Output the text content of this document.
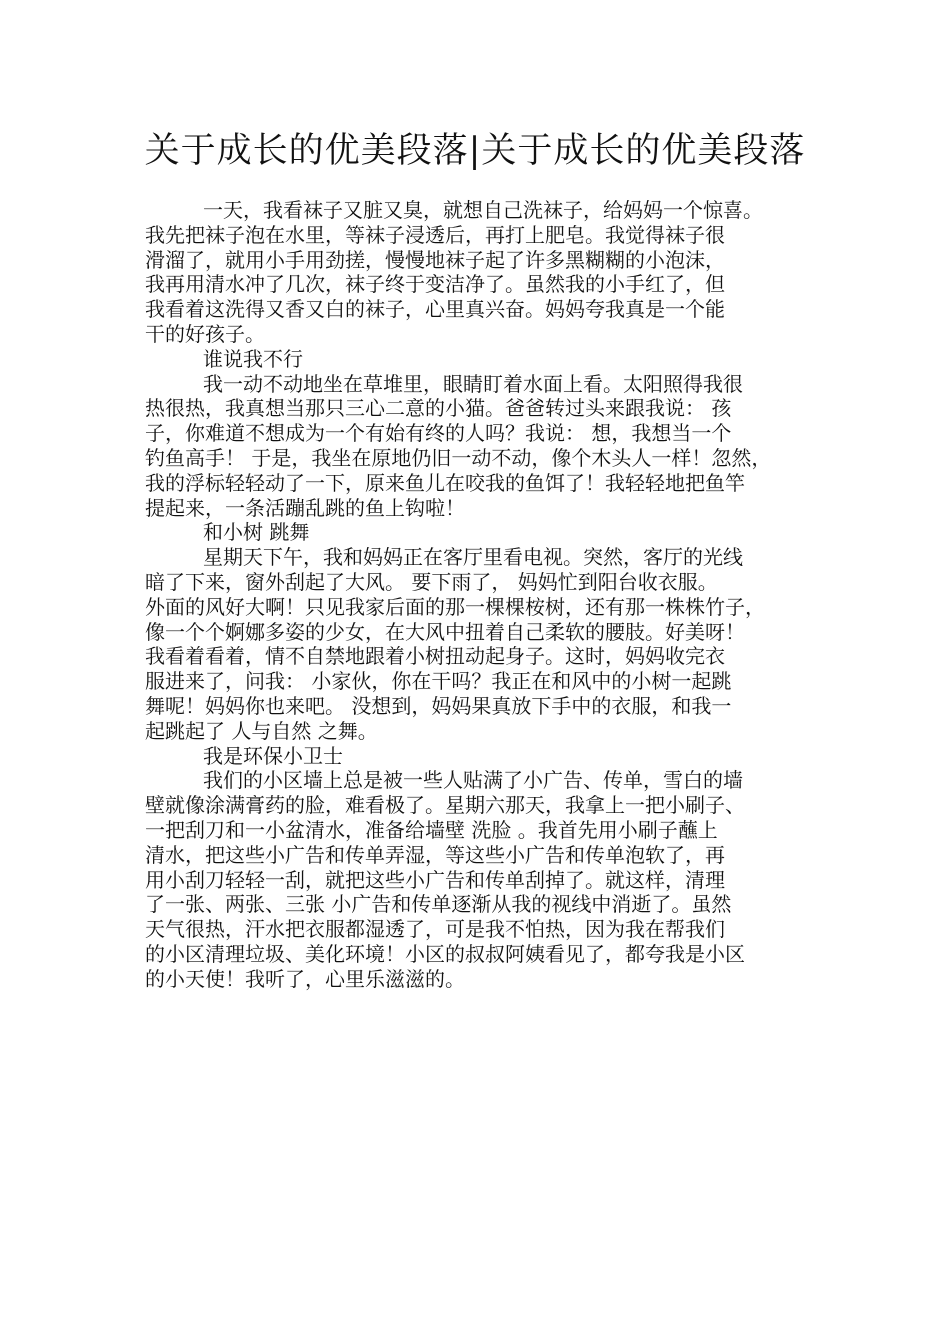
关于成长的优美段落|关于成长的优美段落
一天，我看袜子又脏又臭，就想自己洗袜子，给妈妈一个惊喜。
我先把袜子泡在水里，等袜子浸透后，再打上肥皂。我觉得袜子很
滑溜了，就用小手用劲搓，慢慢地袜子起了许多黑糊糊的小泡沫，
我再用清水冲了几次，袜子终于变洁净了。虽然我的小手红了，但
我看着这洗得又香又白的袜子，心里真兴奋。妈妈夸我真是一个能
干的好孩子。
谁说我不行
我一动不动地坐在草堆里，眼睛盯着水面上看。太阳照得我很
热很热，我真想当那只三心二意的小猫。爸爸转过头来跟我说： 孩
子，你难道不想成为一个有始有终的人吗？我说： 想，我想当一个
钓鱼高手！ 于是，我坐在原地仍旧一动不动，像个木头人一样！忽然，
我的浮标轻轻动了一下，原来鱼儿在咬我的鱼饵了！我轻轻地把鱼竿
提起来，一条活蹦乱跳的鱼上钩啦！
和小树 跳舞
星期天下午，我和妈妈正在客厅里看电视。突然，客厅的光线
暗了下来，窗外刮起了大风。 要下雨了， 妈妈忙到阳台收衣服。
外面的风好大啊！只见我家后面的那一棵棵桉树，还有那一株株竹子，
像一个个婀娜多姿的少女，在大风中扭着自己柔软的腰肢。好美呀！
我看着看着，情不自禁地跟着小树扭动起身子。这时，妈妈收完衣
服进来了，问我： 小家伙，你在干吗？我正在和风中的小树一起跳
舞呢！妈妈你也来吧。 没想到，妈妈果真放下手中的衣服，和我一
起跳起了 人与自然 之舞。
我是环保小卫士
我们的小区墙上总是被一些人贴满了小广告、传单，雪白的墙
壁就像涂满膏药的脸，难看极了。星期六那天，我拿上一把小刷子、
一把刮刀和一小盆清水，准备给墙壁 洗脸 。我首先用小刷子蘸上
清水，把这些小广告和传单弄湿，等这些小广告和传单泡软了，再
用小刮刀轻轻一刮，就把这些小广告和传单刮掉了。就这样，清理
了一张、两张、三张 小广告和传单逐渐从我的视线中消逝了。虽然
天气很热，汗水把衣服都湿透了，可是我不怕热，因为我在帮我们
的小区清理垃圾、美化环境！小区的叔叔阿姨看见了，都夸我是小区
的小天使！我听了，心里乐滋滋的。
